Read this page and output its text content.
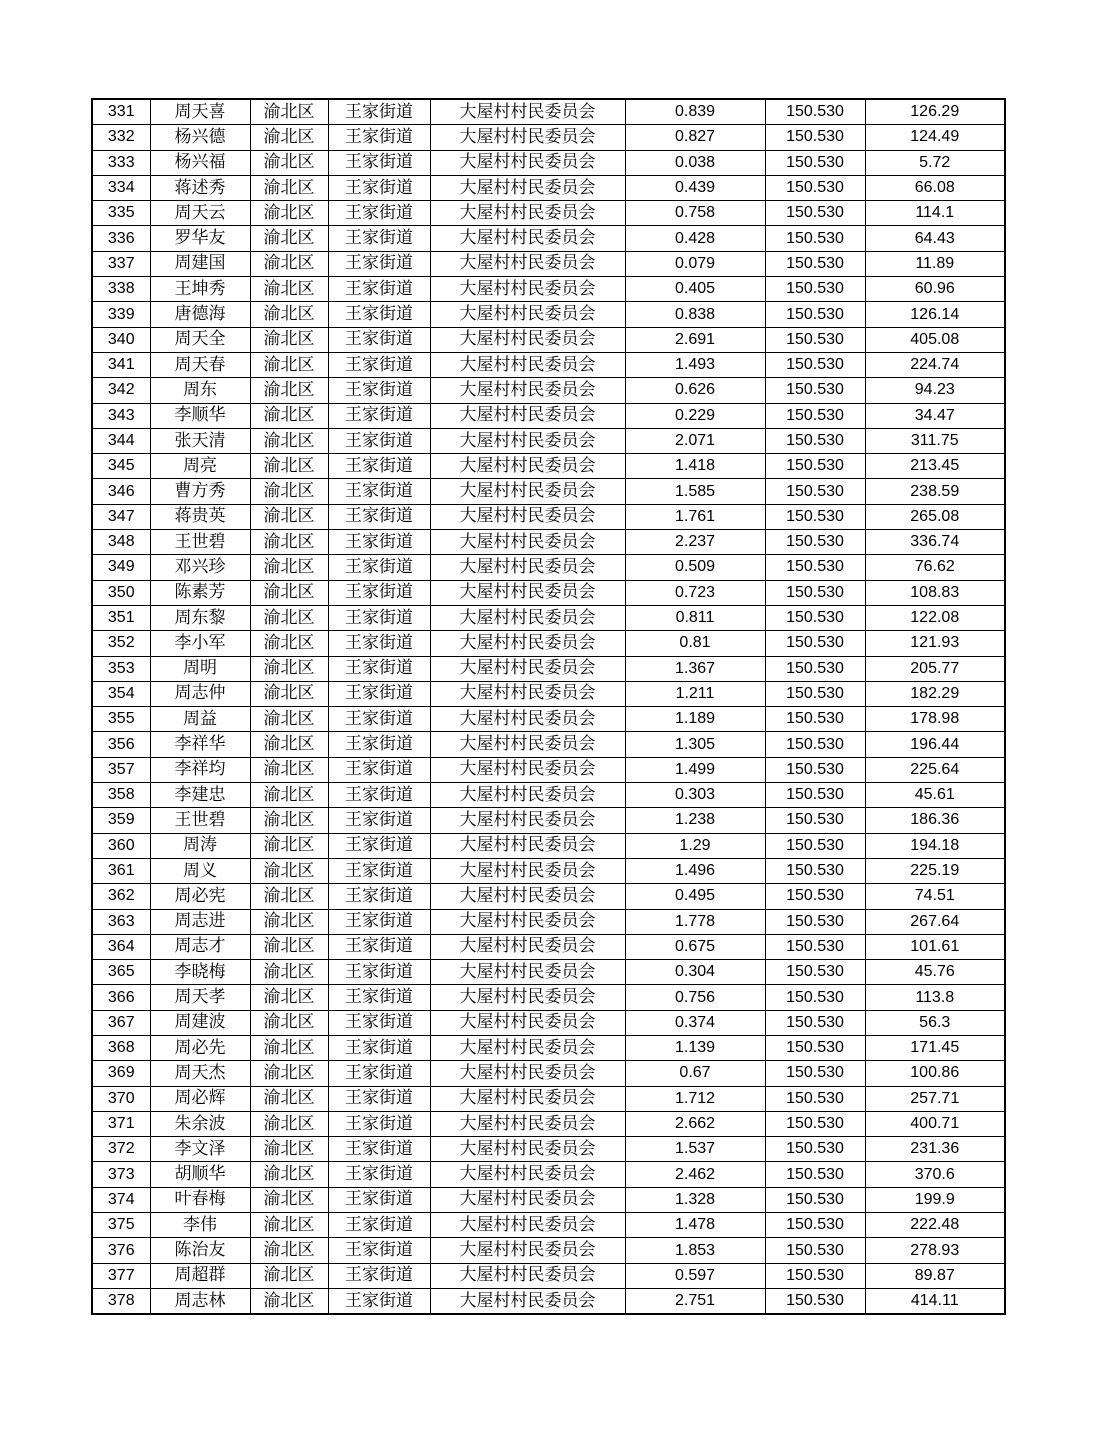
331	周天喜	渝北区	王家街道	大屋村村民委员会	0.839	150.530	126.29
332	杨兴德	渝北区	王家街道	大屋村村民委员会	0.827	150.530	124.49
333	杨兴福	渝北区	王家街道	大屋村村民委员会	0.038	150.530	5.72
334	蒋述秀	渝北区	王家街道	大屋村村民委员会	0.439	150.530	66.08
335	周天云	渝北区	王家街道	大屋村村民委员会	0.758	150.530	114.1
336	罗华友	渝北区	王家街道	大屋村村民委员会	0.428	150.530	64.43
337	周建国	渝北区	王家街道	大屋村村民委员会	0.079	150.530	11.89
338	王坤秀	渝北区	王家街道	大屋村村民委员会	0.405	150.530	60.96
339	唐德海	渝北区	王家街道	大屋村村民委员会	0.838	150.530	126.14
340	周天全	渝北区	王家街道	大屋村村民委员会	2.691	150.530	405.08
341	周天春	渝北区	王家街道	大屋村村民委员会	1.493	150.530	224.74
342	周东	渝北区	王家街道	大屋村村民委员会	0.626	150.530	94.23
343	李顺华	渝北区	王家街道	大屋村村民委员会	0.229	150.530	34.47
344	张天清	渝北区	王家街道	大屋村村民委员会	2.071	150.530	311.75
345	周亮	渝北区	王家街道	大屋村村民委员会	1.418	150.530	213.45
346	曹方秀	渝北区	王家街道	大屋村村民委员会	1.585	150.530	238.59
347	蒋贵英	渝北区	王家街道	大屋村村民委员会	1.761	150.530	265.08
348	王世碧	渝北区	王家街道	大屋村村民委员会	2.237	150.530	336.74
349	邓兴珍	渝北区	王家街道	大屋村村民委员会	0.509	150.530	76.62
350	陈素芳	渝北区	王家街道	大屋村村民委员会	0.723	150.530	108.83
351	周东黎	渝北区	王家街道	大屋村村民委员会	0.811	150.530	122.08
352	李小军	渝北区	王家街道	大屋村村民委员会	0.81	150.530	121.93
353	周明	渝北区	王家街道	大屋村村民委员会	1.367	150.530	205.77
354	周志仲	渝北区	王家街道	大屋村村民委员会	1.211	150.530	182.29
355	周益	渝北区	王家街道	大屋村村民委员会	1.189	150.530	178.98
356	李祥华	渝北区	王家街道	大屋村村民委员会	1.305	150.530	196.44
357	李祥均	渝北区	王家街道	大屋村村民委员会	1.499	150.530	225.64
358	李建忠	渝北区	王家街道	大屋村村民委员会	0.303	150.530	45.61
359	王世碧	渝北区	王家街道	大屋村村民委员会	1.238	150.530	186.36
360	周涛	渝北区	王家街道	大屋村村民委员会	1.29	150.530	194.18
361	周义	渝北区	王家街道	大屋村村民委员会	1.496	150.530	225.19
362	周必宪	渝北区	王家街道	大屋村村民委员会	0.495	150.530	74.51
363	周志进	渝北区	王家街道	大屋村村民委员会	1.778	150.530	267.64
364	周志才	渝北区	王家街道	大屋村村民委员会	0.675	150.530	101.61
365	李晓梅	渝北区	王家街道	大屋村村民委员会	0.304	150.530	45.76
366	周天孝	渝北区	王家街道	大屋村村民委员会	0.756	150.530	113.8
367	周建波	渝北区	王家街道	大屋村村民委员会	0.374	150.530	56.3
368	周必先	渝北区	王家街道	大屋村村民委员会	1.139	150.530	171.45
369	周天杰	渝北区	王家街道	大屋村村民委员会	0.67	150.530	100.86
370	周必辉	渝北区	王家街道	大屋村村民委员会	1.712	150.530	257.71
371	朱余波	渝北区	王家街道	大屋村村民委员会	2.662	150.530	400.71
372	李文泽	渝北区	王家街道	大屋村村民委员会	1.537	150.530	231.36
373	胡顺华	渝北区	王家街道	大屋村村民委员会	2.462	150.530	370.6
374	叶春梅	渝北区	王家街道	大屋村村民委员会	1.328	150.530	199.9
375	李伟	渝北区	王家街道	大屋村村民委员会	1.478	150.530	222.48
376	陈治友	渝北区	王家街道	大屋村村民委员会	1.853	150.530	278.93
377	周超群	渝北区	王家街道	大屋村村民委员会	0.597	150.530	89.87
378	周志林	渝北区	王家街道	大屋村村民委员会	2.751	150.530	414.11
